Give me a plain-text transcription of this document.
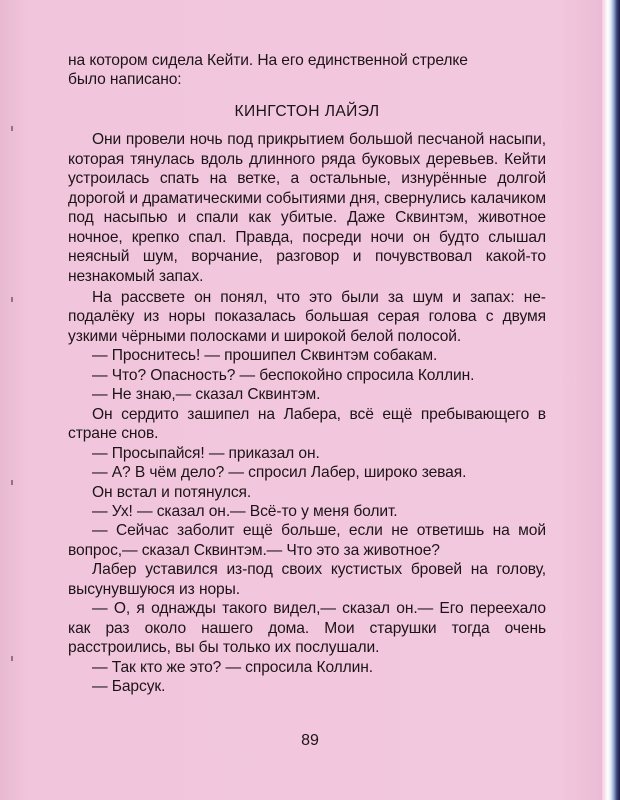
на котором сидела Кейти. На его единственной стрелке

было написано:

КИНГСТОН ЛАЙЭЛ

Они провели ночь под прикрытием большой песчаной насыпи, которая тянулась вдоль длинного ряда буковых деревьев. Кейти устроилась спать на ветке, а остальные, изнурённые долгой дорогой и драматическими событиями дня, свернулись калачиком под насыпью и спали как убитые. Даже Сквинтэм, животное ночное, крепко спал. Правда, посреди ночи он будто слышал неясный шум, ворчание, разговор и почувствовал какой-то незнакомый запах.

На рассвете он понял, что это были за шум и запах: неподалёку из норы показалась большая серая голова с двумя узкими чёрными полосками и широкой белой полосой.

— Проснитесь! — прошипел Сквинтэм собакам.

— Что? Опасность? — беспокойно спросила Коллин.

— Не знаю,— сказал Сквинтэм.

Он сердито зашипел на Лабера, всё ещё пребывающего в стране снов.

— Просыпайся! — приказал он.

— А? В чём дело? — спросил Лабер, широко зевая.

Он встал и потянулся.

— Ух! — сказал он.— Всё-то у меня болит.

— Сейчас заболит ещё больше, если не ответишь на мой вопрос,— сказал Сквинтэм.— Что это за животное?

Лабер уставился из-под своих кустистых бровей на голову, высунувшуюся из норы.

— О, я однажды такого видел,— сказал он.— Его переехало как раз около нашего дома. Мои старушки тогда очень расстроились, вы бы только их послушали.

— Так кто же это? — спросила Коллин.

— Барсук.

89
